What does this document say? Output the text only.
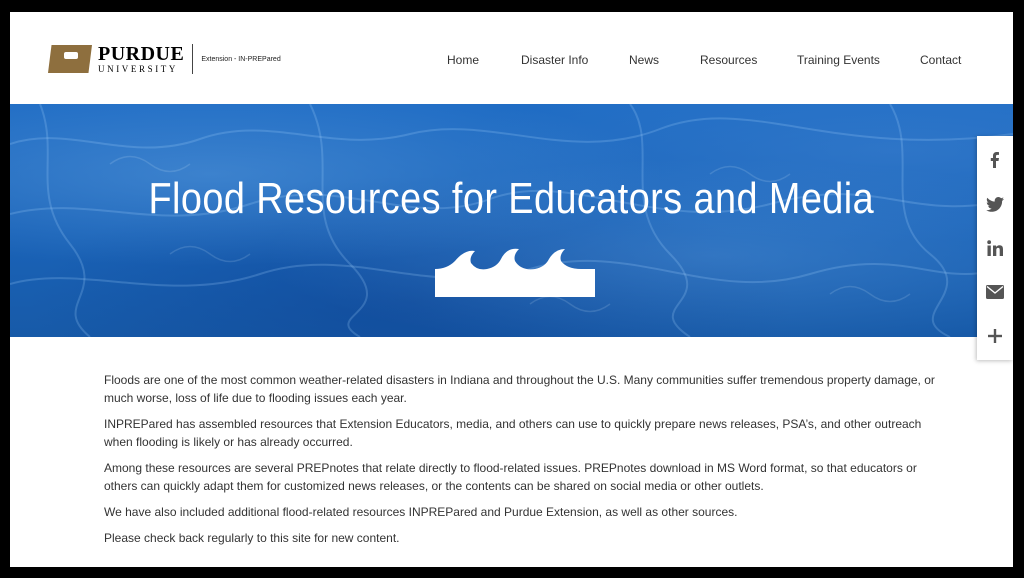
PURDUE
UNIVERSITY
Extension - IN-PREPared	Home	Disaster Info	News	Resources	Training Events	Contact
Flood Resources for Educators and Media

Floods are one of the most common weather-related disasters in Indiana and throughout the U.S. Many communities suffer tremendous property damage, or much worse, loss of life due to flooding issues each year.

INPREPared has assembled resources that Extension Educators, media, and others can use to quickly prepare news releases, PSA’s, and other outreach when flooding is likely or has already occurred.

Among these resources are several PREPnotes that relate directly to flood-related issues. PREPnotes download in MS Word format, so that educators or others can quickly adapt them for customized news releases, or the contents can be shared on social media or other outlets.

We have also included additional flood-related resources INPREPared and Purdue Extension, as well as other sources.

Please check back regularly to this site for new content.
